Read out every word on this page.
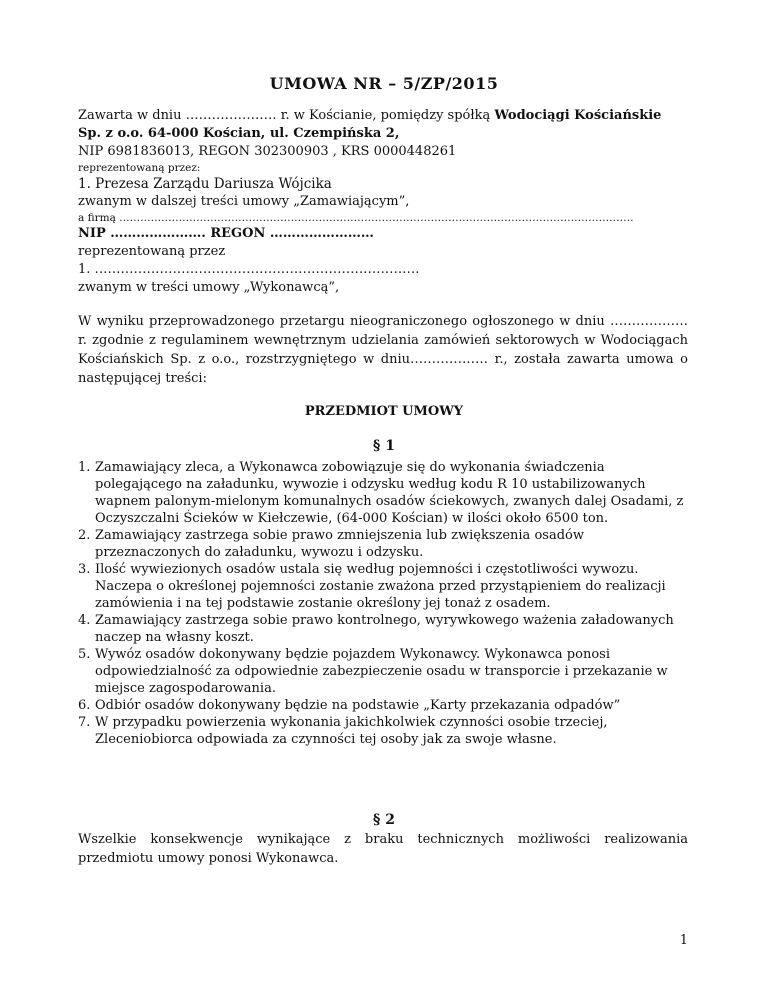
UMOWA NR – 5/ZP/2015
Zawarta w dniu ………………… r. w Kościanie, pomiędzy spółką Wodociągi Kościańskie
Sp. z o.o. 64-000 Kościan, ul. Czempińska 2,
NIP 6981836013, REGON 302300903 , KRS 0000448261
reprezentowaną przez:
1. Prezesa Zarządu Dariusza Wójcika
zwanym w dalszej treści umowy „Zamawiającym”,
a firmą …………………………………………………………………………………………………………………………………
NIP …………………. REGON ……………………
reprezentowaną przez
1. …………………………………………………………………
zwanym w treści umowy „Wykonawcą”,
W wyniku przeprowadzonego przetargu nieograniczonego ogłoszonego w dniu ……………… r. zgodnie z regulaminem wewnętrznym udzielania zamówień sektorowych w Wodociągach Kościańskich Sp. z o.o., rozstrzygniętego w dniu……………… r., została zawarta umowa o następującej treści:
PRZEDMIOT UMOWY
§ 1
1. Zamawiający zleca, a Wykonawca zobowiązuje się do wykonania świadczenia polegającego na załadunku, wywozie i odzysku według kodu R 10 ustabilizowanych wapnem palonym-mielonym komunalnych osadów ściekowych, zwanych dalej Osadami, z Oczyszczalni Ścieków w Kiełczewie, (64-000 Kościan) w ilości około 6500 ton.
2. Zamawiający zastrzega sobie prawo zmniejszenia lub zwiększenia osadów przeznaczonych do załadunku, wywozu i odzysku.
3. Ilość wywiezionych osadów ustala się według pojemności i częstotliwości wywozu. Naczepa o określonej pojemności zostanie zważona przed przystąpieniem do realizacji zamówienia i na tej podstawie zostanie określony jej tonaż z osadem.
4. Zamawiający zastrzega sobie prawo kontrolnego, wyrywkowego ważenia załadowanych naczep na własny koszt.
5. Wywóz osadów dokonywany będzie pojazdem Wykonawcy. Wykonawca ponosi odpowiedzialność za odpowiednie zabezpieczenie osadu w transporcie i przekazanie w miejsce zagospodarowania.
6. Odbiór osadów dokonywany będzie na podstawie „Karty przekazania odpadów”
7. W przypadku powierzenia wykonania jakichkolwiek czynności osobie trzeciej, Zleceniobiorca odpowiada za czynności tej osoby jak za swoje własne.
§ 2
Wszelkie konsekwencje wynikające z braku technicznych możliwości realizowania przedmiotu umowy ponosi Wykonawca.
1
